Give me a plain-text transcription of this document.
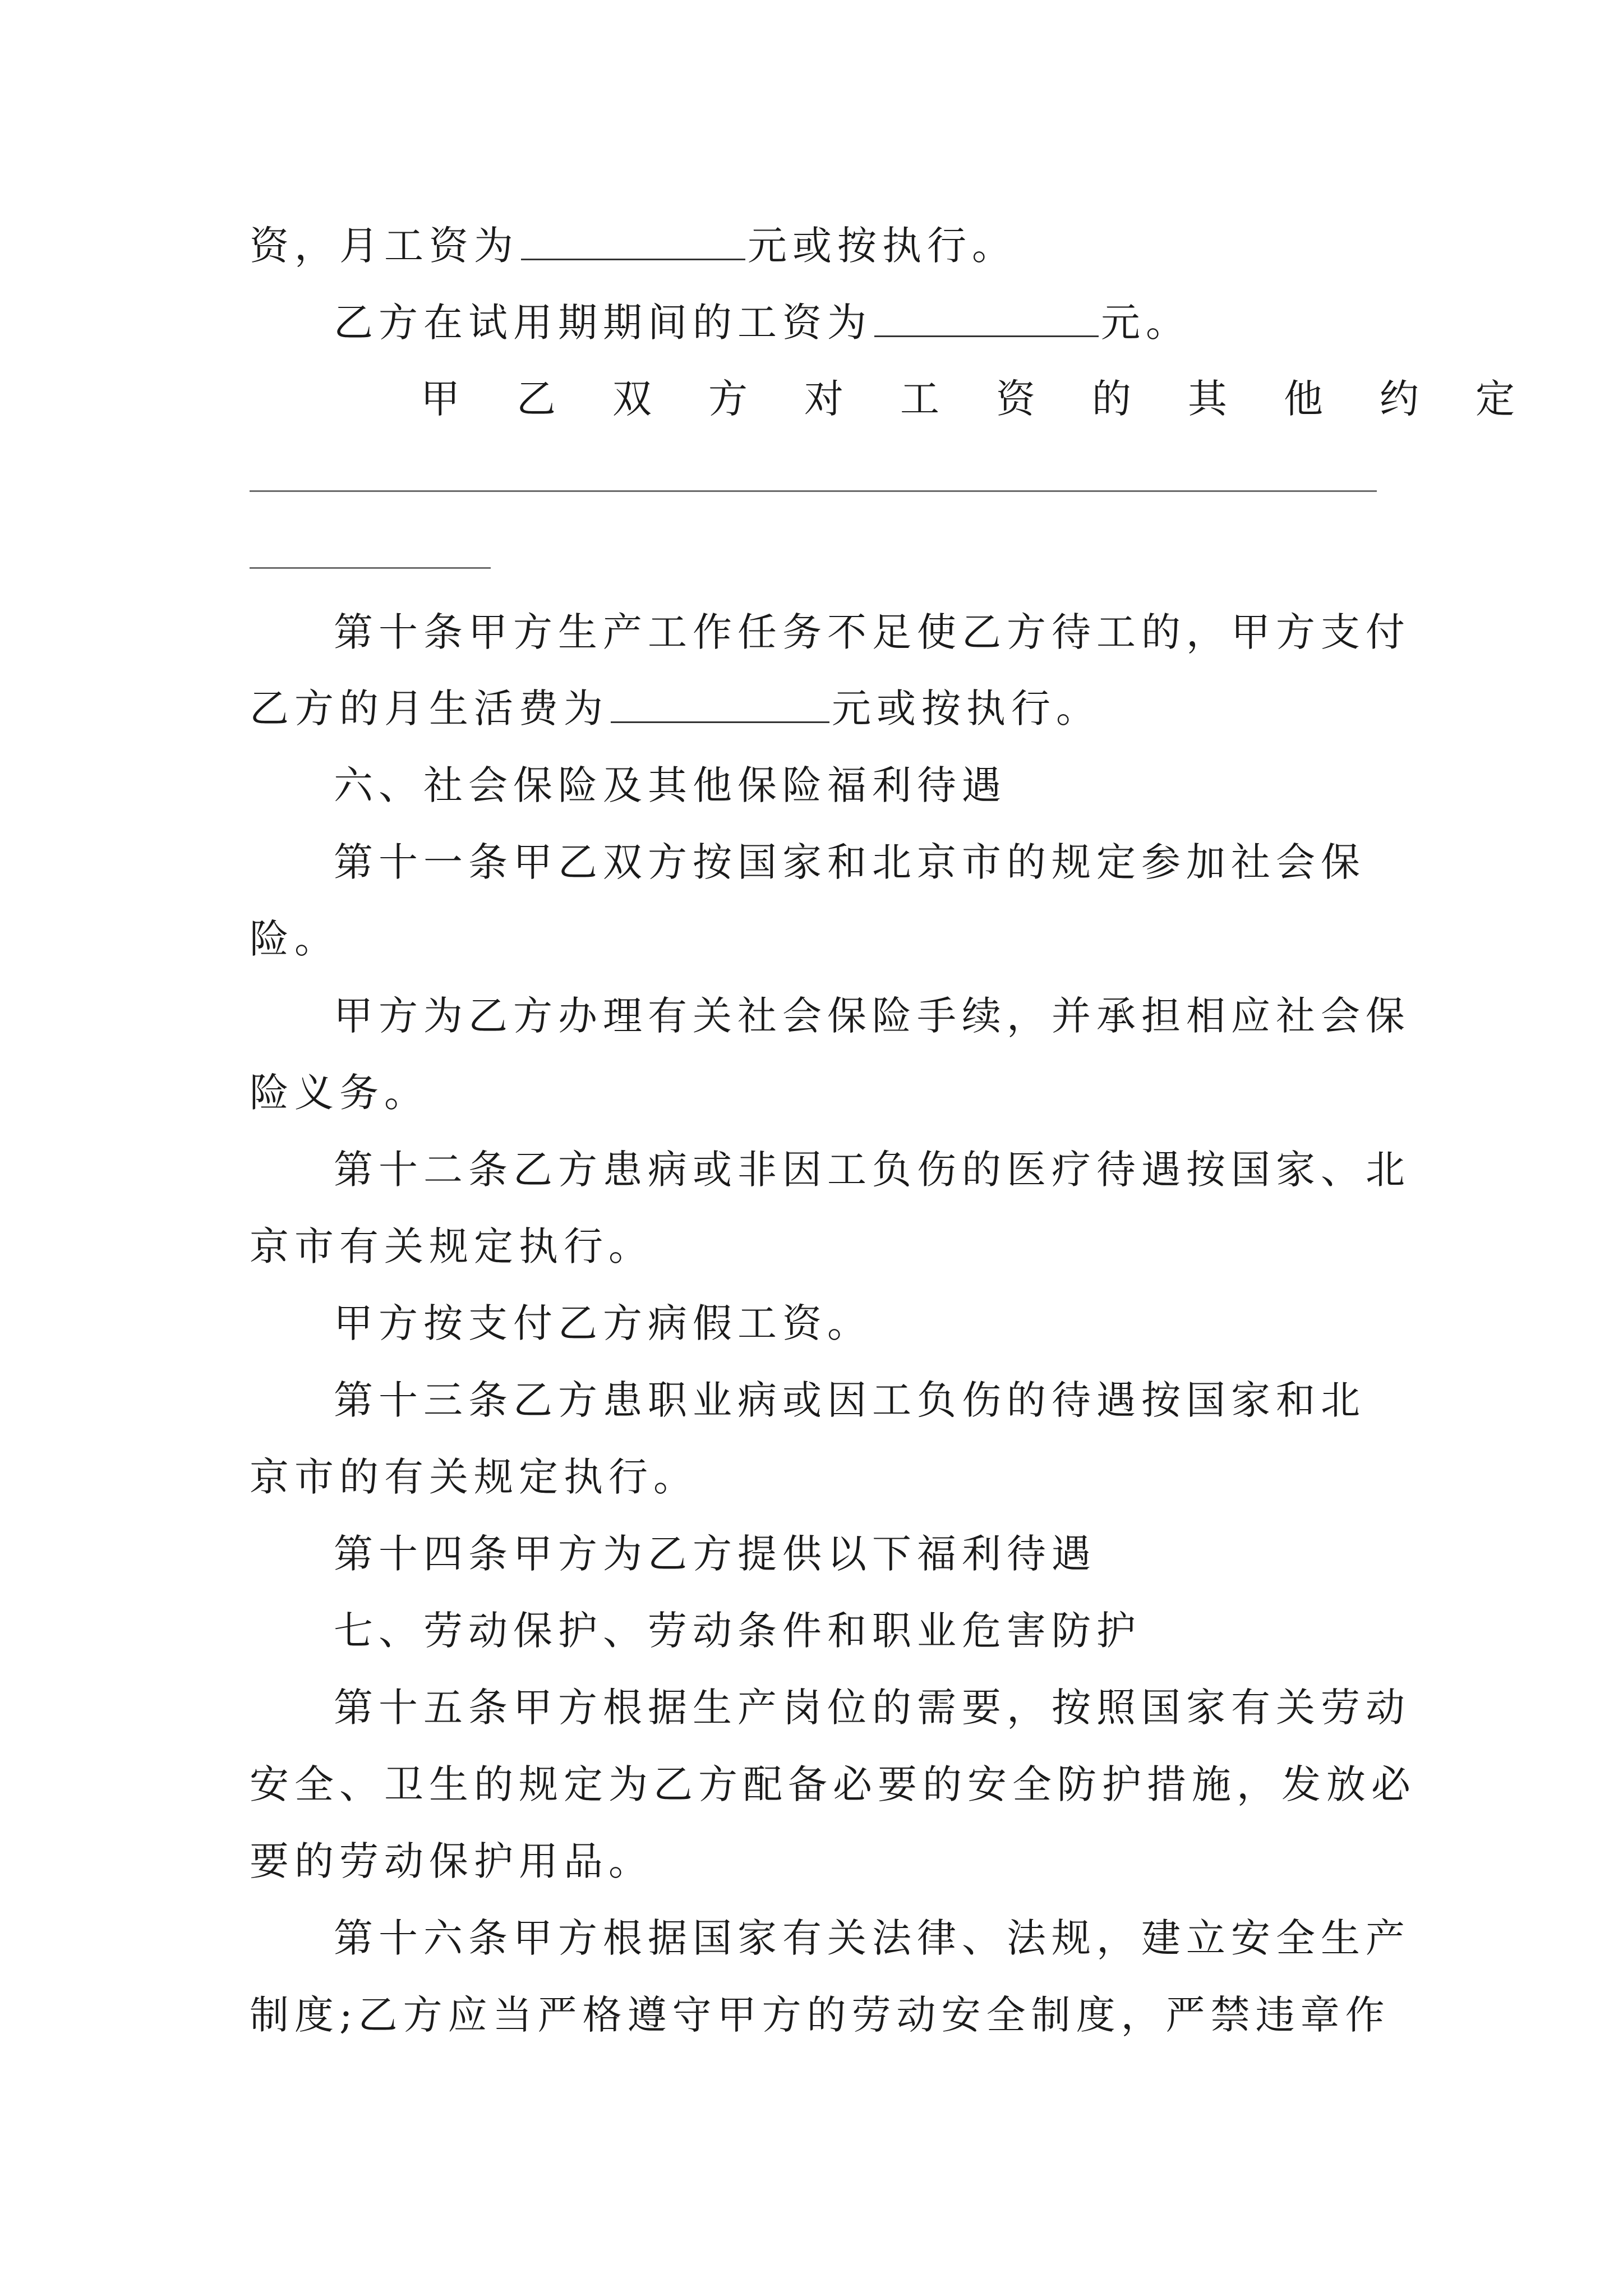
资，月工资为	元或按执行。
乙方在试用期期间的工资为	元。
甲乙双方对工资的其他约定
第十条甲方生产工作任务不足使乙方待工的，甲方支付
乙方的月生活费为	元或按执行。
六、社会保险及其他保险福利待遇
第十一条甲乙双方按国家和北京市的规定参加社会保
险。
甲方为乙方办理有关社会保险手续，并承担相应社会保
险义务。
第十二条乙方患病或非因工负伤的医疗待遇按国家、北
京市有关规定执行。
甲方按支付乙方病假工资。
第十三条乙方患职业病或因工负伤的待遇按国家和北
京市的有关规定执行。
第十四条甲方为乙方提供以下福利待遇
七、劳动保护、劳动条件和职业危害防护
第十五条甲方根据生产岗位的需要，按照国家有关劳动
安全、卫生的规定为乙方配备必要的安全防护措施，发放必
要的劳动保护用品。
第十六条甲方根据国家有关法律、法规，建立安全生产
制度;乙方应当严格遵守甲方的劳动安全制度，严禁违章作
